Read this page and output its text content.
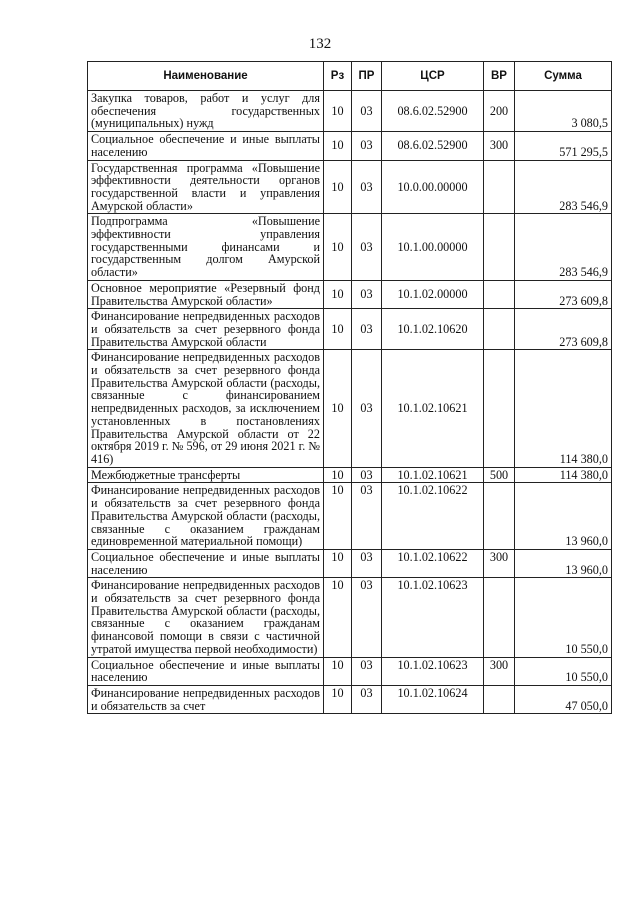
132
Наименование	Рз	ПР	ЦСР	ВР	Сумма
Закупка товаров, работ и услуг для обеспечения государственных (муниципальных) нужд	10	03	08.6.02.52900	200	3 080,5
Социальное обеспечение и иные выплаты населению	10	03	08.6.02.52900	300	571 295,5
Государственная программа «Повышение эффективности деятельности органов государственной власти и управления Амурской области»	10	03	10.0.00.00000		283 546,9
Подпрограмма «Повышение эффективности управления государственными финансами и государственным долгом Амурской области»	10	03	10.1.00.00000		283 546,9
Основное мероприятие «Резервный фонд Правительства Амурской области»	10	03	10.1.02.00000		273 609,8
Финансирование непредвиденных расходов и обязательств за счет резервного фонда Правительства Амурской области	10	03	10.1.02.10620		273 609,8
Финансирование непредвиденных расходов и обязательств за счет резервного фонда Правительства Амурской области (расходы, связанные с финансированием непредвиденных расходов, за исключением установленных в постановлениях Правительства Амурской области от 22 октября 2019 г. № 596, от 29 июня 2021 г. № 416)	10	03	10.1.02.10621		114 380,0
Межбюджетные трансферты	10	03	10.1.02.10621	500	114 380,0
Финансирование непредвиденных расходов и обязательств за счет резервного фонда Правительства Амурской области (расходы, связанные с оказанием гражданам единовременной материальной помощи)	10	03	10.1.02.10622		13 960,0
Социальное обеспечение и иные выплаты населению	10	03	10.1.02.10622	300	13 960,0
Финансирование непредвиденных расходов и обязательств за счет резервного фонда Правительства Амурской области (расходы, связанные с оказанием гражданам финансовой помощи в связи с частичной утратой имущества первой необходимости)	10	03	10.1.02.10623		10 550,0
Социальное обеспечение и иные выплаты населению	10	03	10.1.02.10623	300	10 550,0
Финансирование непредвиденных расходов и обязательств за счет	10	03	10.1.02.10624		47 050,0
